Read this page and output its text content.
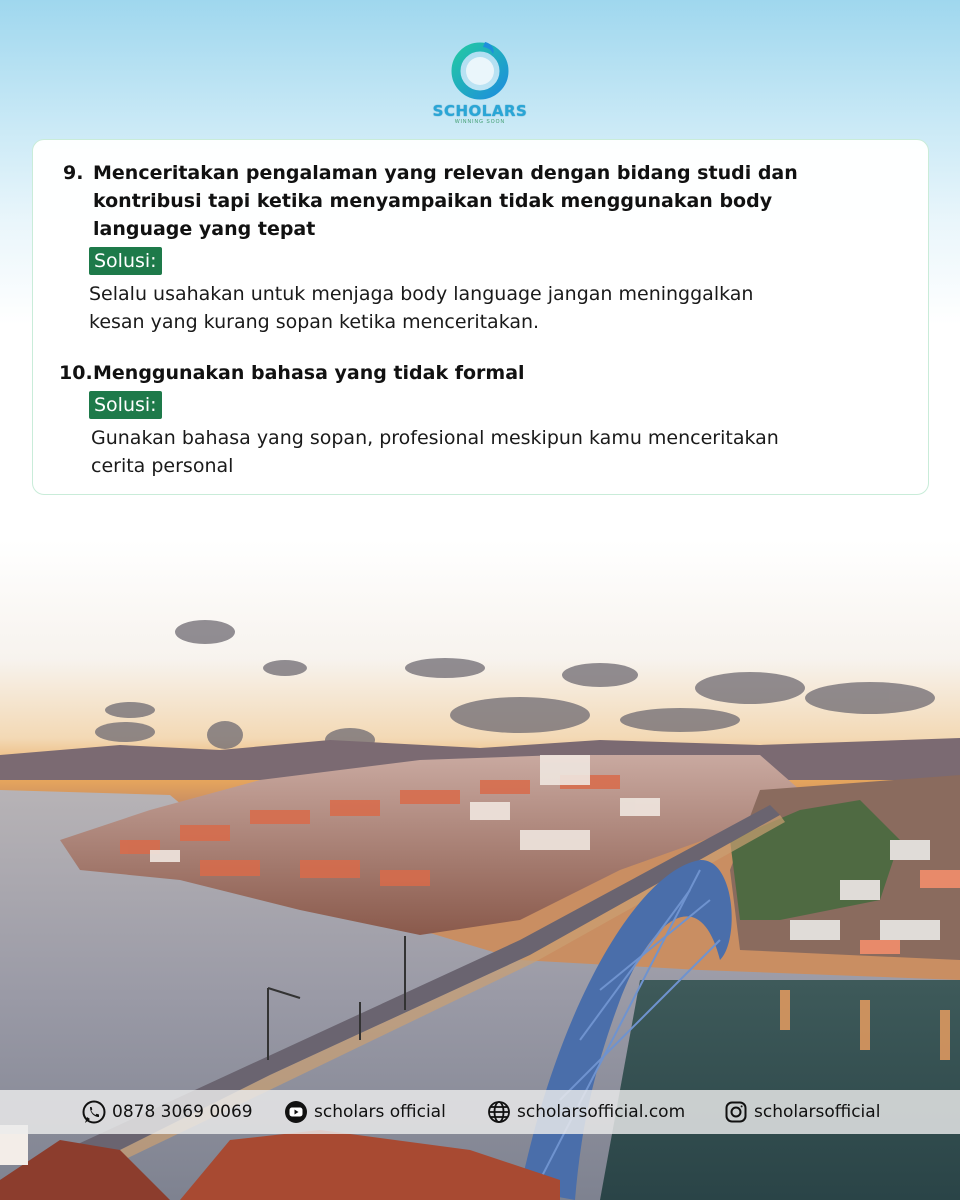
SCHOLARS
WINNING SOON
9. Menceritakan pengalaman yang relevan dengan bidang studi dan
kontribusi tapi ketika menyampaikan tidak menggunakan body
language yang tepat
Solusi:
Selalu usahakan untuk menjaga body language jangan meninggalkan
kesan yang kurang sopan ketika menceritakan.
10. Menggunakan bahasa yang tidak formal
Solusi:
Gunakan bahasa yang sopan, profesional meskipun kamu menceritakan
cerita personal
0878 3069 0069	scholars official	scholarsofficial.com	scholarsofficial
